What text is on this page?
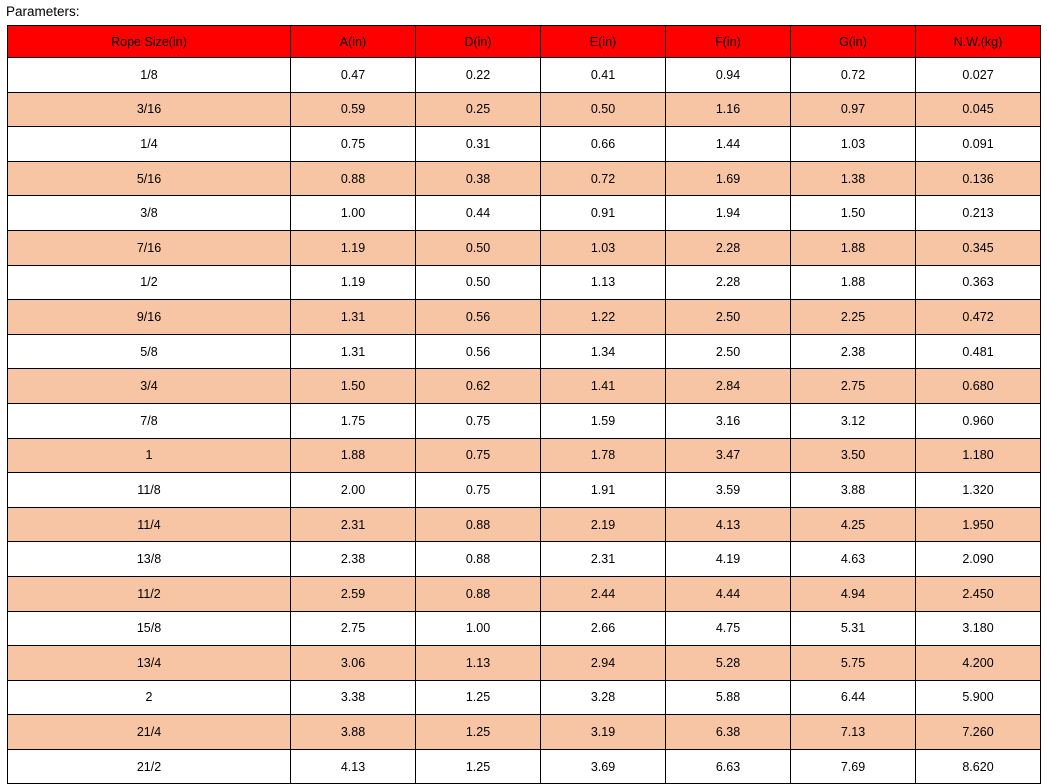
Parameters:
Rope Size(in)	A(in)	D(in)	E(in)	F(in)	G(in)	N.W.(kg)
1/8	0.47	0.22	0.41	0.94	0.72	0.027
3/16	0.59	0.25	0.50	1.16	0.97	0.045
1/4	0.75	0.31	0.66	1.44	1.03	0.091
5/16	0.88	0.38	0.72	1.69	1.38	0.136
3/8	1.00	0.44	0.91	1.94	1.50	0.213
7/16	1.19	0.50	1.03	2.28	1.88	0.345
1/2	1.19	0.50	1.13	2.28	1.88	0.363
9/16	1.31	0.56	1.22	2.50	2.25	0.472
5/8	1.31	0.56	1.34	2.50	2.38	0.481
3/4	1.50	0.62	1.41	2.84	2.75	0.680
7/8	1.75	0.75	1.59	3.16	3.12	0.960
1	1.88	0.75	1.78	3.47	3.50	1.180
11/8	2.00	0.75	1.91	3.59	3.88	1.320
11/4	2.31	0.88	2.19	4.13	4.25	1.950
13/8	2.38	0.88	2.31	4.19	4.63	2.090
11/2	2.59	0.88	2.44	4.44	4.94	2.450
15/8	2.75	1.00	2.66	4.75	5.31	3.180
13/4	3.06	1.13	2.94	5.28	5.75	4.200
2	3.38	1.25	3.28	5.88	6.44	5.900
21/4	3.88	1.25	3.19	6.38	7.13	7.260
21/2	4.13	1.25	3.69	6.63	7.69	8.620
